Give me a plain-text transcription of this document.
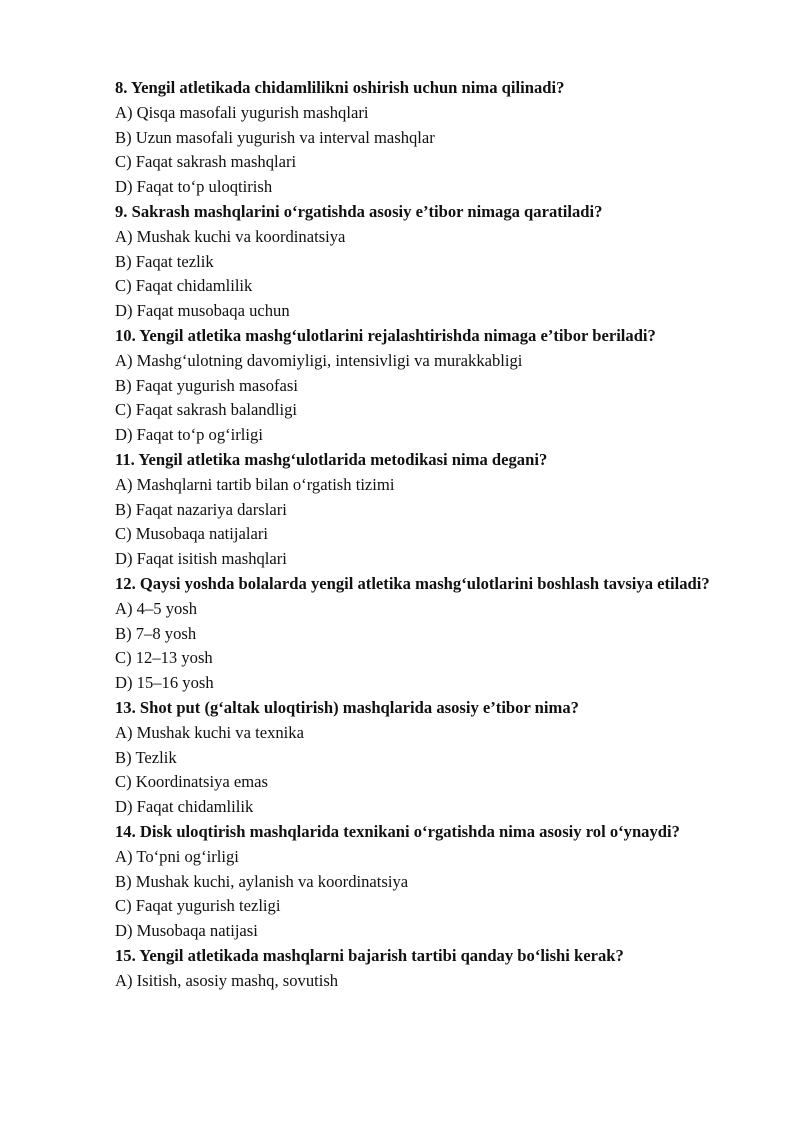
8. Yengil atletikada chidamlilikni oshirish uchun nima qilinadi?
A) Qisqa masofali yugurish mashqlari
B) Uzun masofali yugurish va interval mashqlar
C) Faqat sakrash mashqlari
D) Faqat to‘p uloqtirish
9. Sakrash mashqlarini o‘rgatishda asosiy e’tibor nimaga qaratiladi?
A) Mushak kuchi va koordinatsiya
B) Faqat tezlik
C) Faqat chidamlilik
D) Faqat musobaqa uchun
10. Yengil atletika mashg‘ulotlarini rejalashtirishda nimaga e’tibor beriladi?
A) Mashg‘ulotning davomiyligi, intensivligi va murakkabligi
B) Faqat yugurish masofasi
C) Faqat sakrash balandligi
D) Faqat to‘p og‘irligi
11. Yengil atletika mashg‘ulotlarida metodikasi nima degani?
A) Mashqlarni tartib bilan o‘rgatish tizimi
B) Faqat nazariya darslari
C) Musobaqa natijalari
D) Faqat isitish mashqlari
12. Qaysi yoshda bolalarda yengil atletika mashg‘ulotlarini boshlash tavsiya etiladi?
A) 4–5 yosh
B) 7–8 yosh
C) 12–13 yosh
D) 15–16 yosh
13. Shot put (g‘altak uloqtirish) mashqlarida asosiy e’tibor nima?
A) Mushak kuchi va texnika
B) Tezlik
C) Koordinatsiya emas
D) Faqat chidamlilik
14. Disk uloqtirish mashqlarida texnikani o‘rgatishda nima asosiy rol o‘ynaydi?
A) To‘pni og‘irligi
B) Mushak kuchi, aylanish va koordinatsiya
C) Faqat yugurish tezligi
D) Musobaqa natijasi
15. Yengil atletikada mashqlarni bajarish tartibi qanday bo‘lishi kerak?
A) Isitish, asosiy mashq, sovutish
